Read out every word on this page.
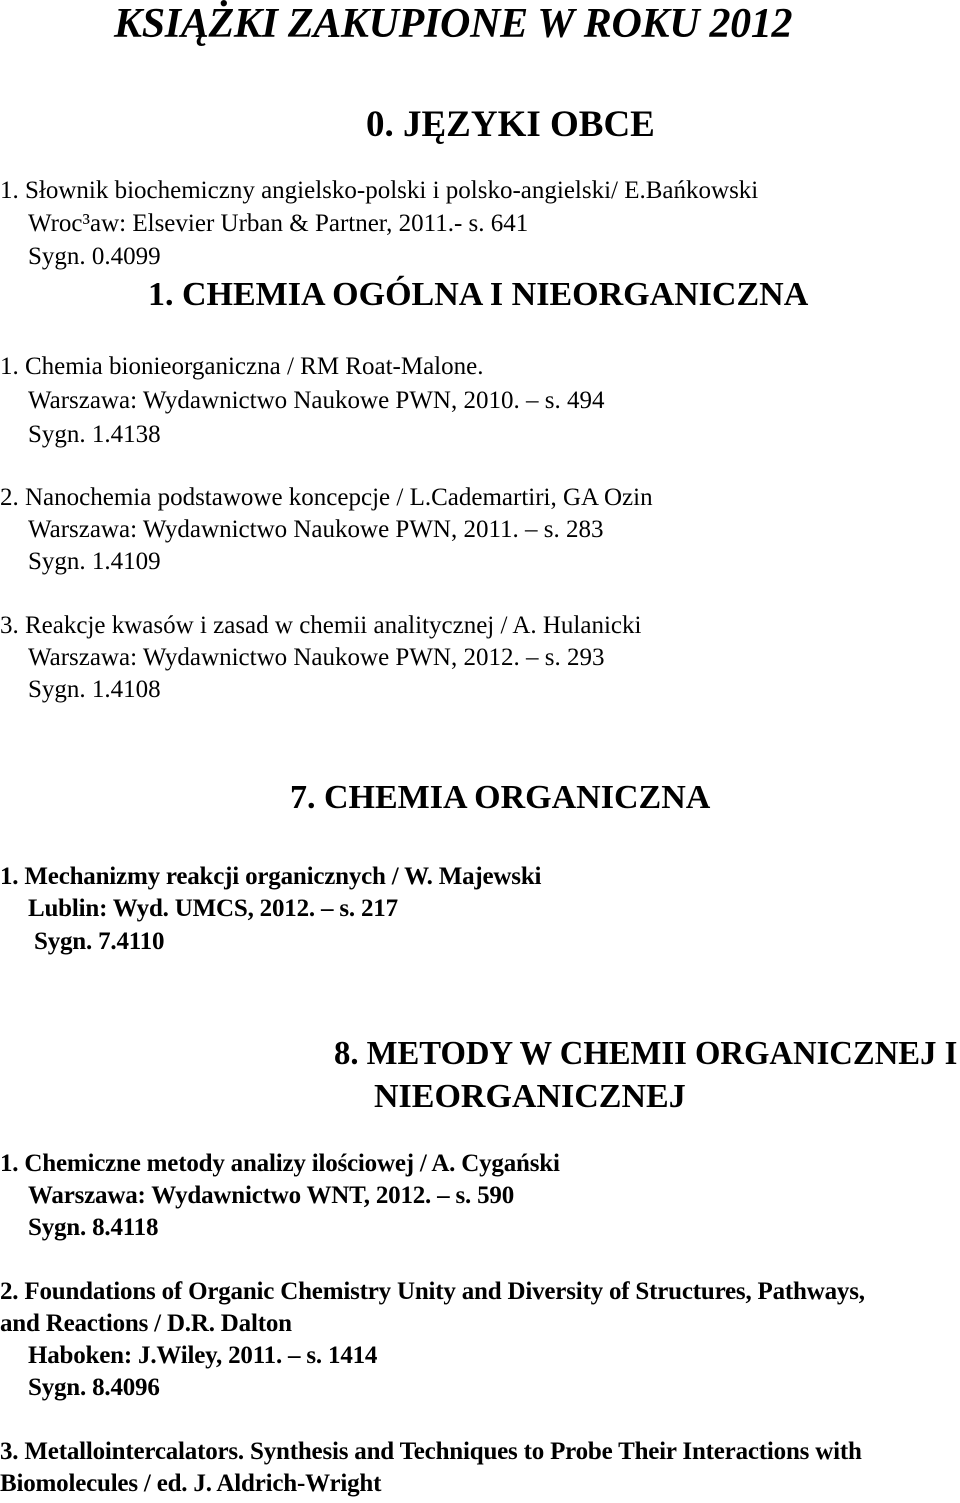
KSIĄŻKI ZAKUPIONE W ROKU 2012
0. JĘZYKI OBCE

1. Słownik biochemiczny angielsko-polski i polsko-angielski/ E.Bańkowski

Wroc³aw: Elsevier Urban & Partner, 2011.- s. 641

Sygn. 0.4099

1. CHEMIA OGÓLNA I NIEORGANICZNA

1. Chemia bionieorganiczna / RM Roat-Malone.

Warszawa: Wydawnictwo Naukowe PWN, 2010. – s. 494

Sygn. 1.4138

2. Nanochemia podstawowe koncepcje / L.Cademartiri, GA Ozin

Warszawa: Wydawnictwo Naukowe PWN, 2011. – s. 283

Sygn. 1.4109

3. Reakcje kwasów i zasad w chemii analitycznej / A. Hulanicki

Warszawa: Wydawnictwo Naukowe PWN, 2012. – s. 293

Sygn. 1.4108

7. CHEMIA ORGANICZNA

1. Mechanizmy reakcji organicznych / W. Majewski

Lublin: Wyd. UMCS, 2012. – s. 217

Sygn. 7.4110

8. METODY W CHEMII ORGANICZNEJ I
NIEORGANICZNEJ

1. Chemiczne metody analizy ilościowej / A. Cygański

Warszawa: Wydawnictwo WNT, 2012. – s. 590

Sygn. 8.4118

2. Foundations of Organic Chemistry Unity and Diversity of Structures, Pathways,

and Reactions / D.R. Dalton

Haboken: J.Wiley, 2011. – s. 1414

Sygn. 8.4096

3. Metallointercalators. Synthesis and Techniques to Probe Their Interactions with

Biomolecules / ed. J. Aldrich-Wright
